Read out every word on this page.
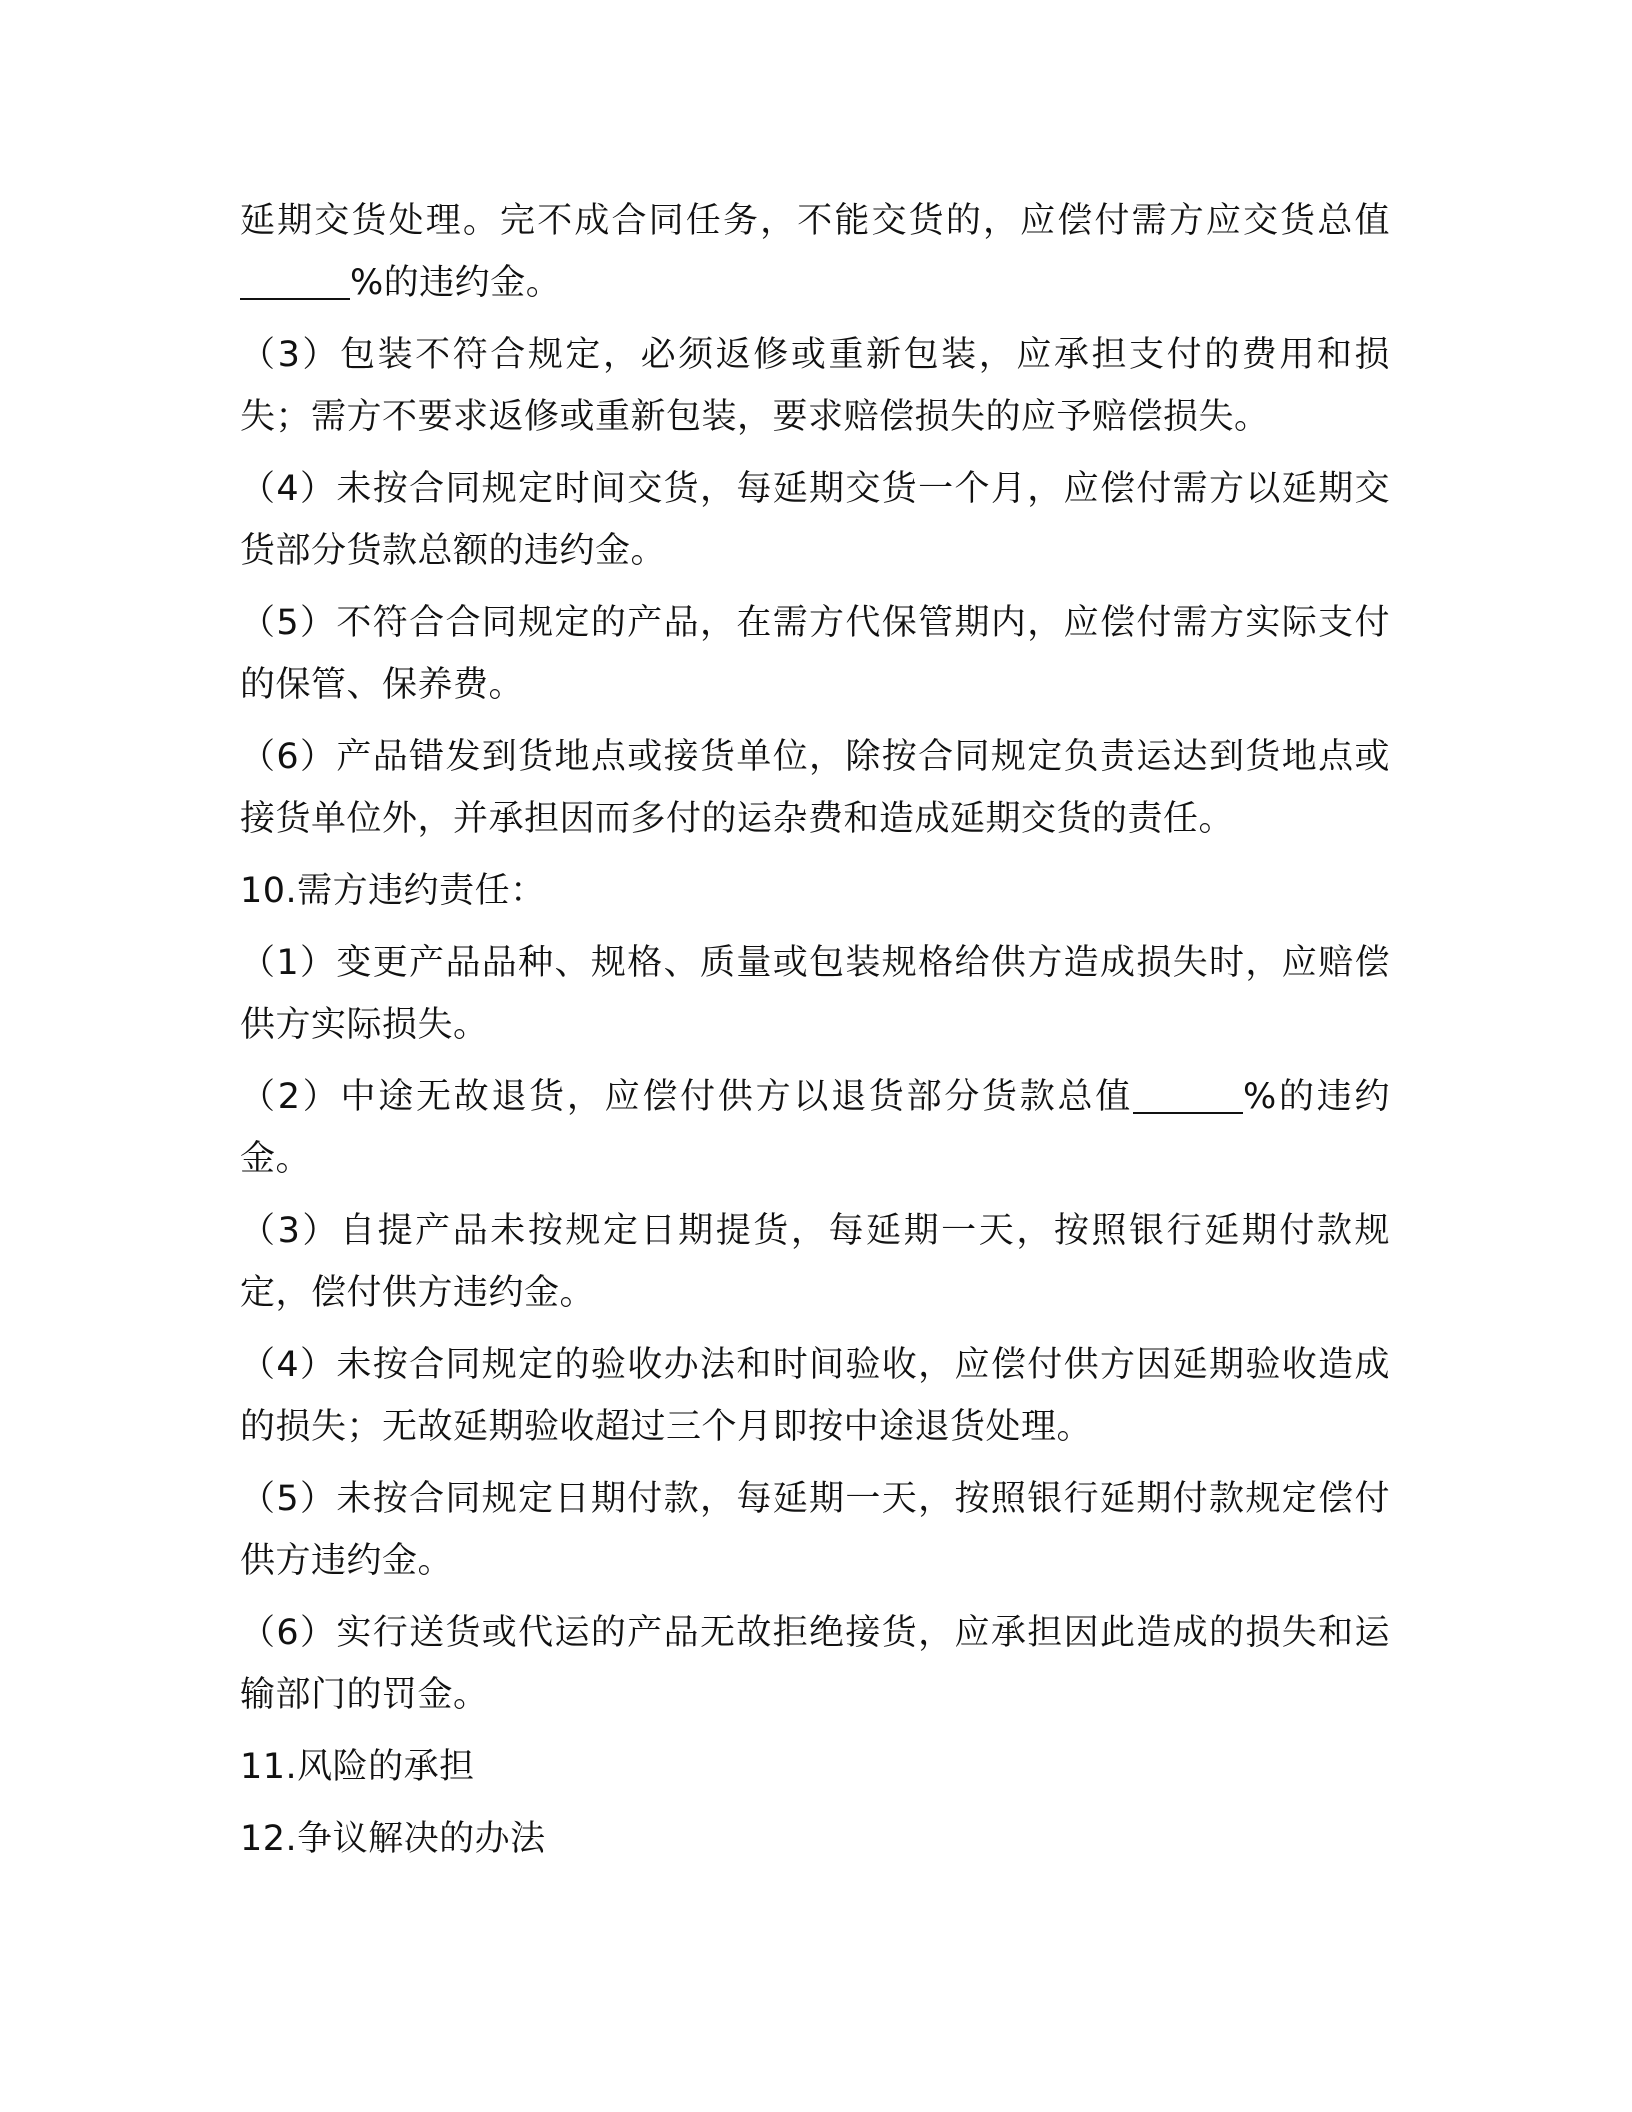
延期交货处理。完不成合同任务，不能交货的，应偿付需方应交货总值%的违约金。

（3）包装不符合规定，必须返修或重新包装，应承担支付的费用和损失；需方不要求返修或重新包装，要求赔偿损失的应予赔偿损失。

（4）未按合同规定时间交货，每延期交货一个月，应偿付需方以延期交货部分货款总额的违约金。

（5）不符合合同规定的产品，在需方代保管期内，应偿付需方实际支付的保管、保养费。

（6）产品错发到货地点或接货单位，除按合同规定负责运达到货地点或接货单位外，并承担因而多付的运杂费和造成延期交货的责任。

10.需方违约责任：

（1）变更产品品种、规格、质量或包装规格给供方造成损失时，应赔偿供方实际损失。

（2）中途无故退货，应偿付供方以退货部分货款总值	%的违约金。

（3）自提产品未按规定日期提货，每延期一天，按照银行延期付款规定，偿付供方违约金。

（4）未按合同规定的验收办法和时间验收，应偿付供方因延期验收造成的损失；无故延期验收超过三个月即按中途退货处理。

（5）未按合同规定日期付款，每延期一天，按照银行延期付款规定偿付供方违约金。

（6）实行送货或代运的产品无故拒绝接货，应承担因此造成的损失和运输部门的罚金。

11.风险的承担

12.争议解决的办法
